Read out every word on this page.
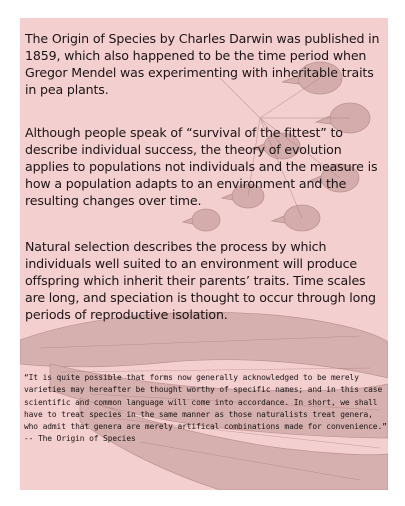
The Origin of Species by Charles Darwin was published in 1859, which also happened to be the time period when Gregor Mendel was experimenting with inheritable traits in pea plants.

Although people speak of “survival of the fittest” to describe individual success, the theory of evolution applies to populations not individuals and the measure is how a population adapts to an environment and the resulting changes over time.

Natural selection describes the process by which individuals well suited to an environment will produce offspring which inherit their parents’ traits. Time scales are long, and speciation is thought to occur through long periods of reproductive isolation.

“It is quite possible that forms now generally acknowledged to be merely varieties may hereafter be thought worthy of specific names; and in this case scientific and common language will come into accordance. In short, we shall have to treat species in the same manner as those naturalists treat genera, who admit that genera are merely artifical combinations made for convenience.” -- The Origin of Species
